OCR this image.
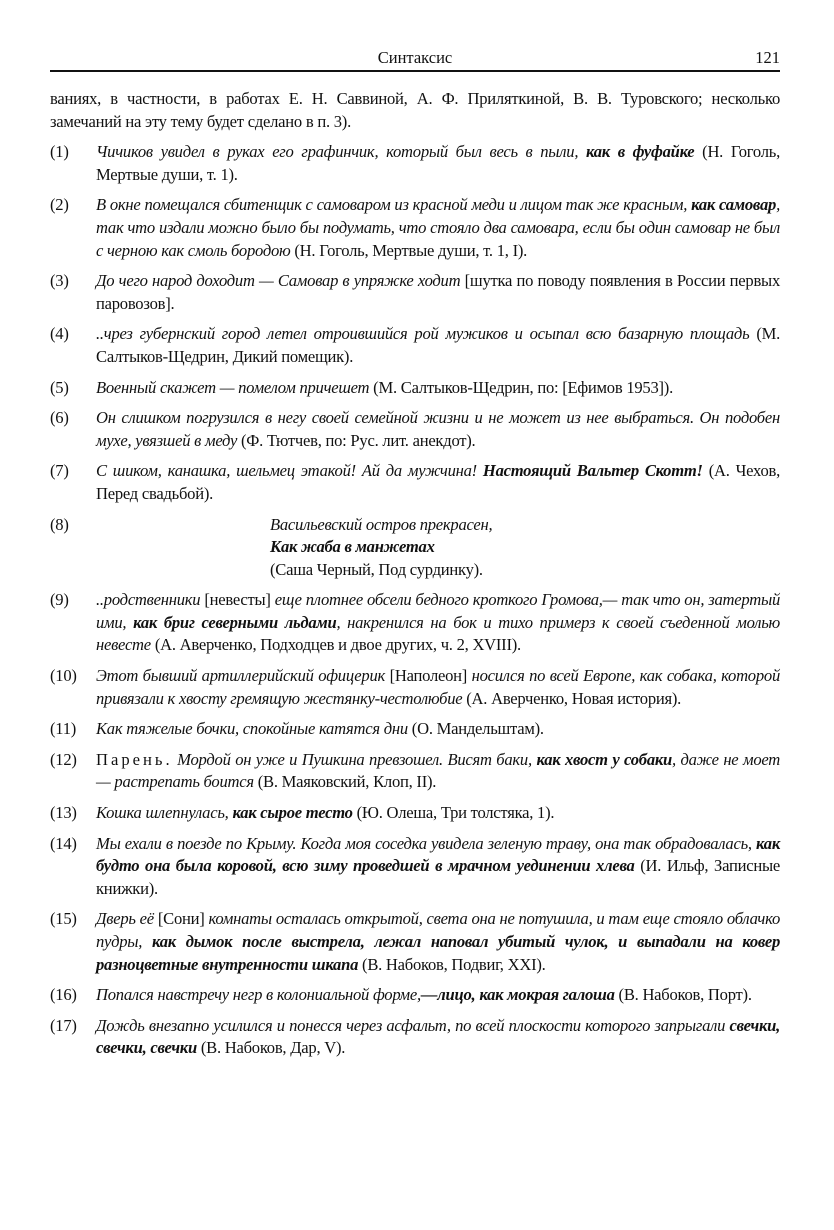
Синтаксис	121
ваниях, в частности, в работах Е. Н. Саввиной, А. Ф. Приляткиной, В. В. Туровского; несколько замечаний на эту тему будет сделано в п. 3).
(1)	Чичиков увидел в руках его графинчик, который был весь в пыли, как в фуфайке (Н. Гоголь, Мертвые души, т. 1).
(2)	В окне помещался сбитенщик с самоваром из красной меди и лицом так же красным, как самовар, так что издали можно было бы подумать, что стояло два самовара, если бы один самовар не был с черною как смоль бородою (Н. Гоголь, Мертвые души, т. 1, I).
(3)	До чего народ доходит — Самовар в упряжке ходит [шутка по поводу появления в России первых паровозов].
(4)	..чрез губернский город летел отроившийся рой мужиков и осыпал всю базарную площадь (М. Салтыков-Щедрин, Дикий помещик).
(5)	Военный скажет — помелом причешет (М. Салтыков-Щедрин, по: [Ефимов 1953]).
(6)	Он слишком погрузился в негу своей семейной жизни и не может из нее выбраться. Он подобен мухе, увязшей в меду (Ф. Тютчев, по: Рус. лит. анекдот).
(7)	С шиком, канашка, шельмец этакой! Ай да мужчина! Настоящий Вальтер Скотт! (А. Чехов, Перед свадьбой).
(8)	Васильевский остров прекрасен,
Как жаба в манжетах
(Саша Черный, Под сурдинку).
(9)	..родственники [невесты] еще плотнее обсели бедного кроткого Громова,— так что он, затертый ими, как бриг северными льдами, накренился на бок и тихо примерз к своей съеденной молью невесте (А. Аверченко, Подходцев и двое других, ч. 2, XVIII).
(10)	Этот бывший артиллерийский офицерик [Наполеон] носился по всей Европе, как собака, которой привязали к хвосту гремящую жестянку-честолюбие (А. Аверченко, Новая история).
(11)	Как тяжелые бочки, спокойные катятся дни (О. Мандельштам).
(12)	Парень. Мордой он уже и Пушкина превзошел. Висят баки, как хвост у собаки, даже не моет — растрепать боится (В. Маяковский, Клоп, II).
(13)	Кошка шлепнулась, как сырое тесто (Ю. Олеша, Три толстяка, 1).
(14)	Мы ехали в поезде по Крыму. Когда моя соседка увидела зеленую траву, она так обрадовалась, как будто она была коровой, всю зиму проведшей в мрачном уединении хлева (И. Ильф, Записные книжки).
(15)	Дверь её [Сони] комнаты осталась открытой, света она не потушила, и там еще стояло облачко пудры, как дымок после выстрела, лежал наповал убитый чулок, и выпадали на ковер разноцветные внутренности шкапа (В. Набоков, Подвиг, XXI).
(16)	Попался навстречу негр в колониальной форме,—лицо, как мокрая галоша (В. Набоков, Порт).
(17)	Дождь внезапно усилился и понесся через асфальт, по всей плоскости которого запрыгали свечки, свечки, свечки (В. Набоков, Дар, V).
